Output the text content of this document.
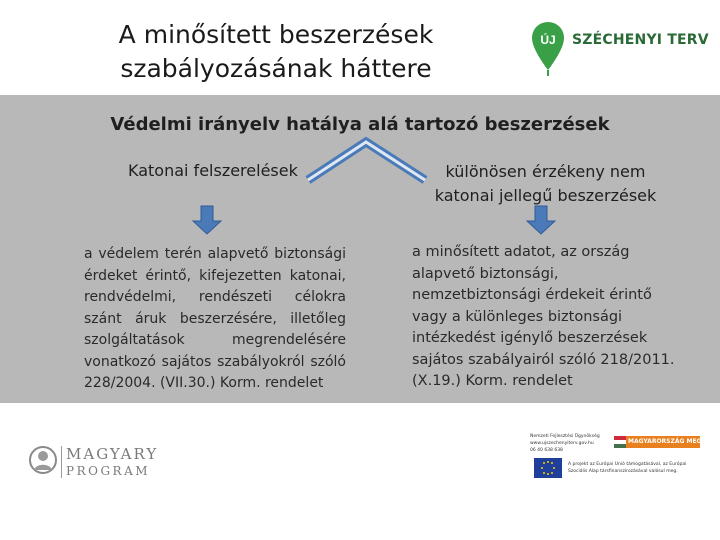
A minősített beszerzések
szabályozásának háttere
ÚJ SZÉCHENYI TERV
Védelmi irányelv hatálya alá tartozó beszerzések
Katonai felszerelések	különösen érzékeny nem
katonai jellegű beszerzések
a védelem terén alapvető biztonsági érdeket érintő, kifejezetten katonai, rendvédelmi, rendészeti célokra szánt áruk beszerzésére, illetőleg szolgáltatások megrendelésére vonatkozó sajátos szabályokról szóló 228/2004. (VII.30.) Korm. rendelet
a minősített adatot, az ország
alapvető biztonsági,
nemzetbiztonsági érdekeit érintő
vagy a különleges biztonsági
intézkedést igénylő beszerzések
sajátos szabályairól szóló 218/2011.
(X.19.) Korm. rendelet
MAGYARY
PROGRAM
Nemzeti Fejlesztési Ügynökség
www.ujszechenyiterv.gov.hu
06 40 638 638
MAGYARORSZÁG MEGÚJUL
A projekt az Európai Unió támogatásával, az Európai
Szociális Alap társfinanszírozásával valósul meg.
